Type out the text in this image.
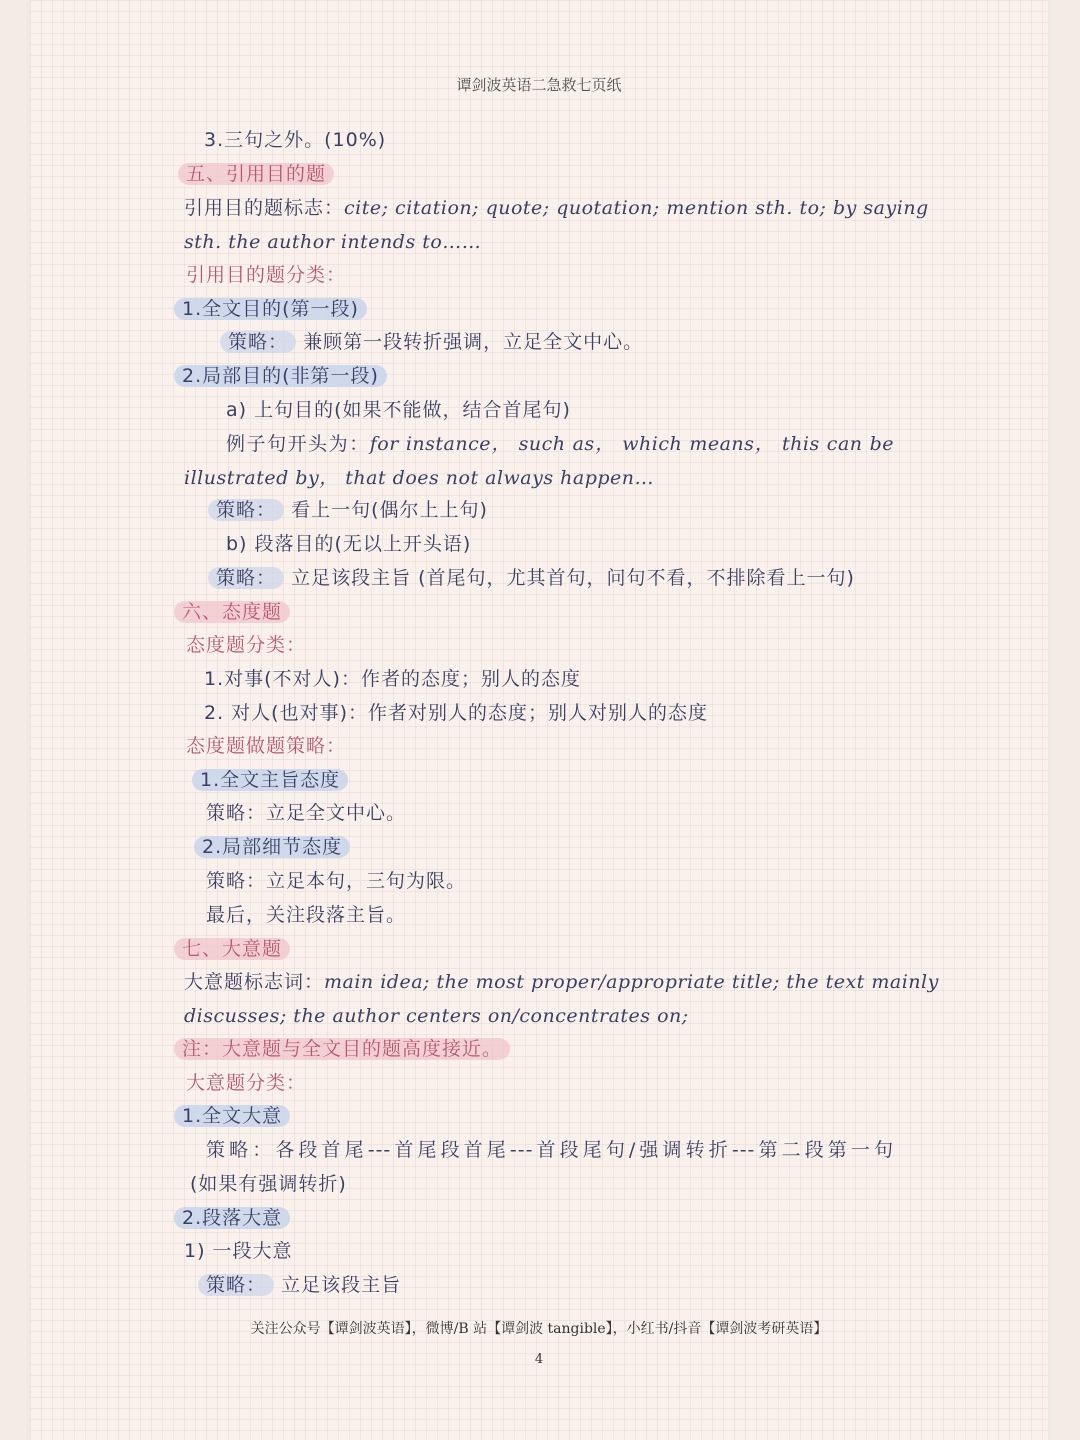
谭剑波英语二急救七页纸
3.三句之外。(10%)
五、引用目的题
引用目的题标志：cite; citation; quote; quotation; mention sth. to; by saying
sth. the author intends to……
引用目的题分类：
1.全文目的(第一段)
策略： 兼顾第一段转折强调，立足全文中心。
2.局部目的(非第一段)
a) 上句目的(如果不能做，结合首尾句)
例子句开头为：for instance， such as， which means， this can be
illustrated by， that does not always happen…
策略： 看上一句(偶尔上上句)
b) 段落目的(无以上开头语)
策略： 立足该段主旨 (首尾句，尤其首句，问句不看，不排除看上一句)
六、态度题
态度题分类：
1.对事(不对人)：作者的态度；别人的态度
2. 对人(也对事)：作者对别人的态度；别人对别人的态度
态度题做题策略：
1.全文主旨态度
策略：立足全文中心。
2.局部细节态度
策略：立足本句，三句为限。
最后，关注段落主旨。
七、大意题
大意题标志词：main idea; the most proper/appropriate title; the text mainly
discusses; the author centers on/concentrates on;
注：大意题与全文目的题高度接近。
大意题分类：
1.全文大意
策略：各段首尾---首尾段首尾---首段尾句/强调转折---第二段第一句
(如果有强调转折)
2.段落大意
1) 一段大意
策略： 立足该段主旨
关注公众号【谭剑波英语】，微博/B 站【谭剑波 tangible】，小红书/抖音【谭剑波考研英语】
4
